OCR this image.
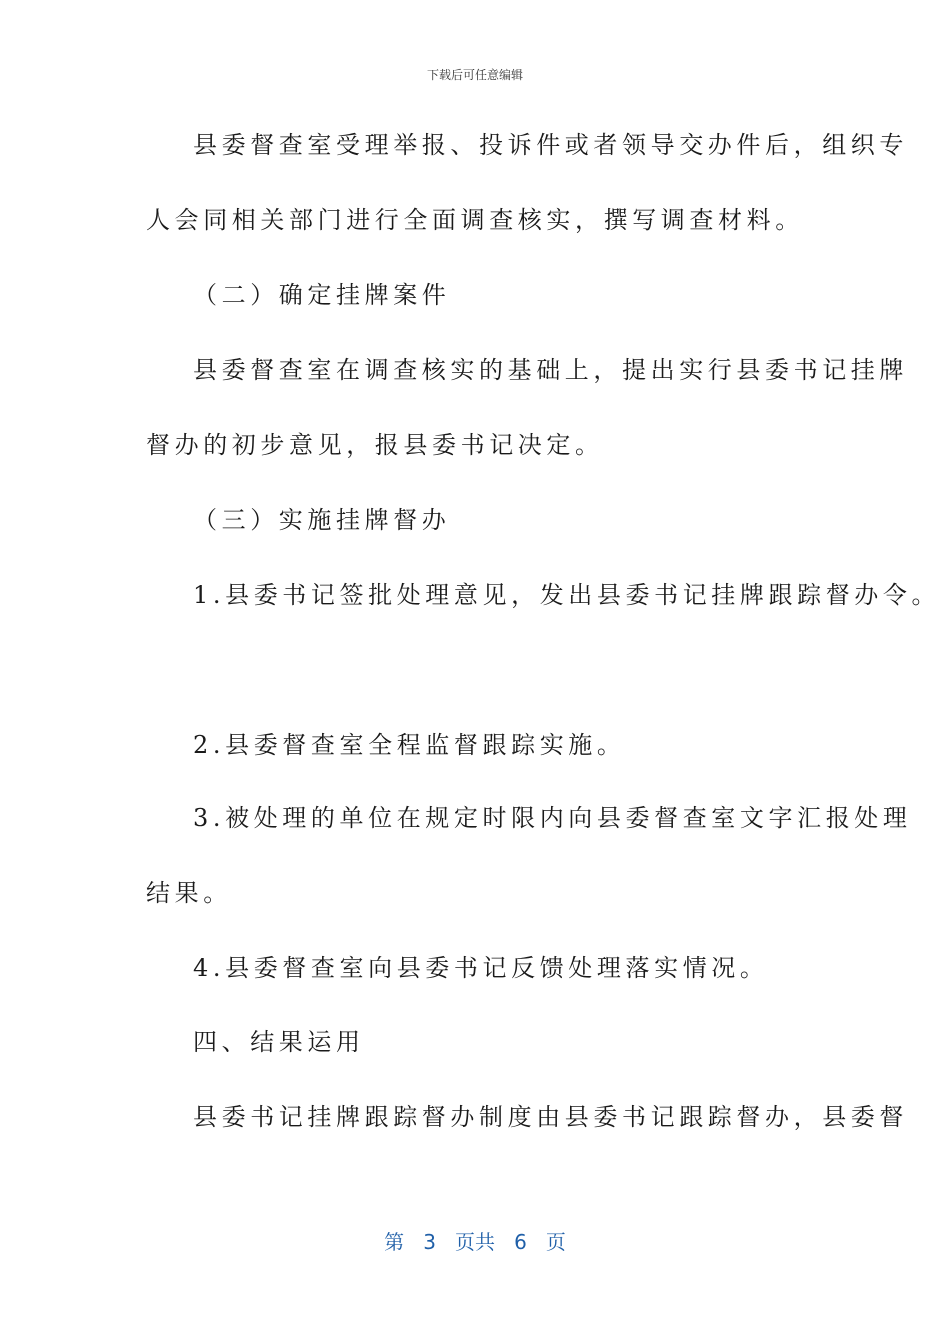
下载后可任意编辑
县委督查室受理举报、投诉件或者领导交办件后，组织专
人会同相关部门进行全面调查核实，撰写调查材料。
（二）确定挂牌案件
县委督查室在调查核实的基础上，提出实行县委书记挂牌
督办的初步意见，报县委书记决定。
（三）实施挂牌督办
1.县委书记签批处理意见，发出县委书记挂牌跟踪督办令。
2.县委督查室全程监督跟踪实施。
3.被处理的单位在规定时限内向县委督查室文字汇报处理
结果。
4.县委督查室向县委书记反馈处理落实情况。
四、结果运用
县委书记挂牌跟踪督办制度由县委书记跟踪督办，县委督
第 3 页共 6 页
